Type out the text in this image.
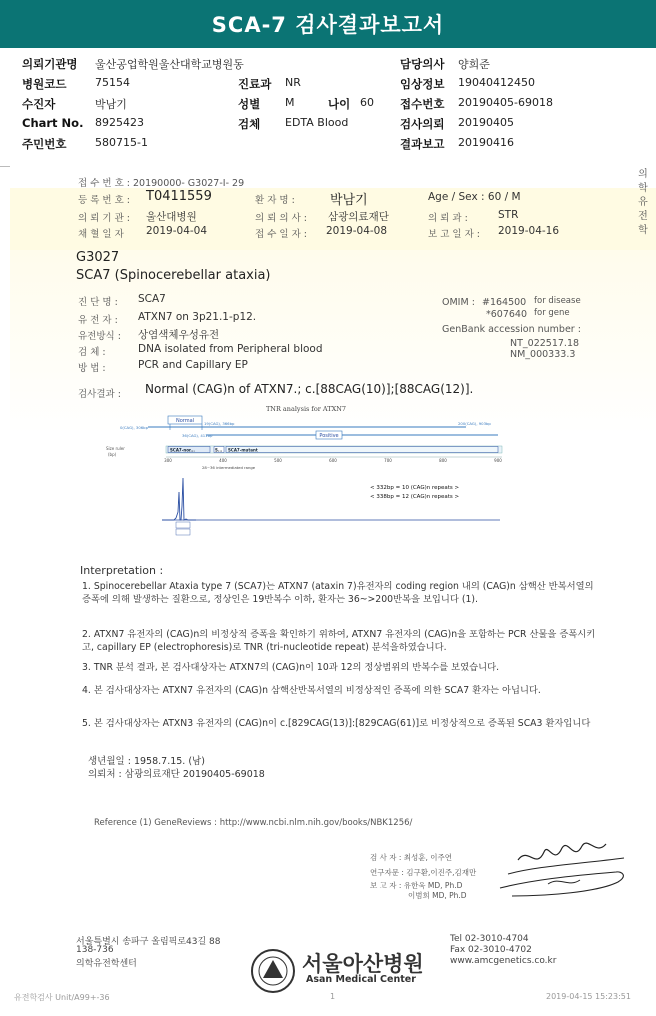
SCA-7 검사결과보고서
의뢰기관명 울산공업학원울산대학교병원동	담당의사 양희준
병원코드	75154	진료과 NR	임상정보 19040412450
수진자	박남기	성별 M	나이 60 접수번호 20190405-69018
Chart No. 8925423	검체 EDTA Blood	검사의뢰 20190405
주민번호	580715-1	결과보고 20190416
의학유전학
접 수 번 호 : 20190000- G3027-I- 29
등 록 번 호 : T0411559	환 자 명 :	박남기	Age / Sex : 60 / M
의 뢰 기 관 : 울산대병원	의 뢰 의 사 : 삼광의료재단	의 뢰 과 :	STR
채 혈 일 자 2019-04-04	접 수 일 자 : 2019-04-08	보 고 일 자 : 2019-04-16
G3027
SCA7 (Spinocerebellar ataxia)
진 단 명 : SCA7
유 전 자 : ATXN7 on 3p21.1-p12.
유전방식 : 상염색체우성유전
검 체 :	DNA isolated from Peripheral blood
방 법 :	PCR and Capillary EP
OMIM : #164500 for disease
*607640 for gene
GenBank accession number :
NT_022517.18
NM_000333.3
검사결과 : Normal (CAG)n of ATXN7.; c.[88CAG(10)];[88CAG(12)].
TNR analysis for ATXN7
Normal
0(CAG), 306bp
19(CAG), 366bp	200(CAG), 903bp
Positive
36(CAG), 411bp
Size ruler
(bp)
SCA7-nor...	S... SCA7-mutant
300	400	500	600	700	800	900
28~36 intermediated range
< 332bp = 10 (CAG)n repeats >
< 338bp = 12 (CAG)n repeats >
Interpretation :
1. Spinocerebellar Ataxia type 7 (SCA7)는 ATXN7 (ataxin 7)유전자의 coding region 내의 (CAG)n 삼핵산 반복서열의 증폭에 의해 발생하는 질환으로, 정상인은 19반복수 이하, 환자는 36~>200반복을 보입니다 (1).
2. ATXN7 유전자의 (CAG)n의 비정상적 증폭을 확인하기 위하여, ATXN7 유전자의 (CAG)n을 포함하는 PCR 산물을 증폭시키고, capillary EP (electrophoresis)로 TNR (tri-nucleotide repeat) 분석을하였습니다.
3. TNR 분석 결과, 본 검사대상자는 ATXN7의 (CAG)n이 10과 12의 정상범위의 반복수를 보였습니다.
4. 본 검사대상자는 ATXN7 유전자의 (CAG)n 삼핵산반복서열의 비정상적인 증폭에 의한 SCA7 환자는 아닙니다.
5. 본 검사대상자는 ATXN3 유전자의 (CAG)n이 c.[829CAG(13)]:[829CAG(61)]로 비정상적으로 증폭된 SCA3 환자입니다
생년월일 : 1958.7.15. (남)
의뢰처 : 삼광의료재단 20190405-69018
Reference (1) GeneReviews : http://www.ncbi.nlm.nih.gov/books/NBK1256/
검 사 자 : 최성훈, 이주연
연구자문 : 김구환,이진주,김재만
보 고 자 : 유한욱 MD, Ph.D
이범희 MD, Ph.D
서울특별시 송파구 올림픽로43길 88
138-736
의학유전학센터	서울아산병원
Asan Medical Center
Tel 02-3010-4704
Fax 02-3010-4702
www.amcgenetics.co.kr
유전학검사 Unit/A99+-36	1	2019-04-15 15:23:51
